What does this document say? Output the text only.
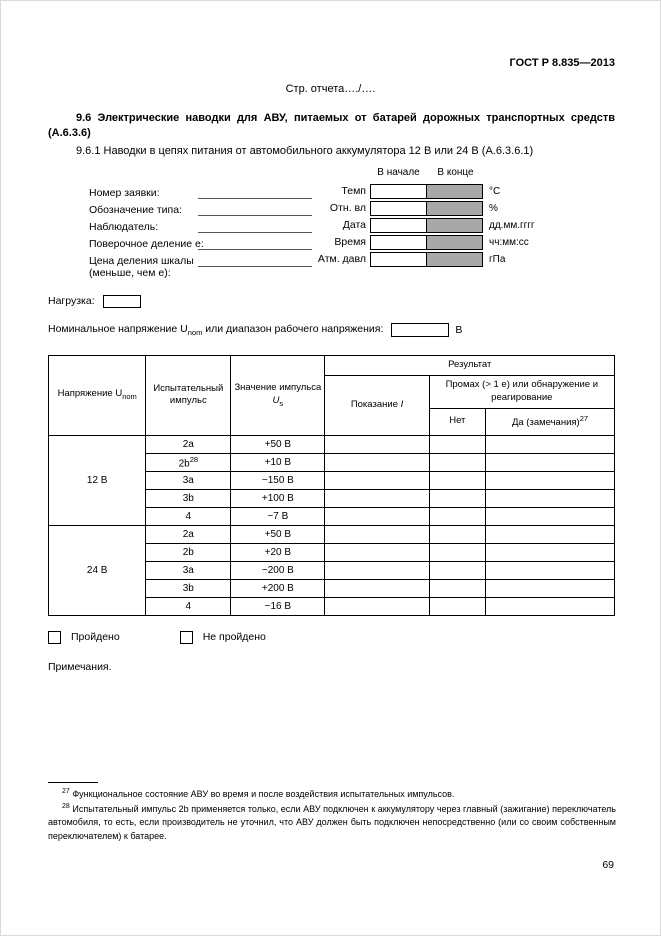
ГОСТ Р 8.835—2013
Стр. отчета…./….

9.6 Электрические наводки для АВУ, питаемых от батарей дорожных транспортных средств (А.6.3.6)

9.6.1 Наводки в цепях питания от автомобильного аккумулятора 12 В или 24 В (А.6.3.6.1)

Номер заявки:
Обозначение типа:
Наблюдатель:
Поверочное деление e:
Цена деления шкалы
(меньше, чем e):
В начале	В конце
Темп	°С
Отн. вл	%
Дата	дд.мм.гггг
Время	чч:мм:сс
Атм. давл	гПа
Нагрузка:
Номинальное напряжение $U_{nom}$ или диапазон рабочего напряжения:	В
Напряжение $U_{nom}$	Испытательный импульс	Значение импульса $U_s$	Результат		
			Показание I	Промах (> 1 e) или обнаружение и реагирование	
				Нет	Да (замечания)$^{27}$
12 В	2a	+50 В			
	$2b^{28}$	+10 В			
	3a	−150 В			
	3b	+100 В			
	4	−7 В			
24 В	2a	+50 В			
	2b	+20 В			
	3a	−200 В			
	3b	+200 В			
	4	−16 В			
Пройдено	Не пройдено
Примечания.

$^{27}$ Функциональное состояние АВУ во время и после воздействия испытательных импульсов.

$^{28}$ Испытательный импульс 2b применяется только, если АВУ подключен к аккумулятору через главный (зажигание) переключатель автомобиля, то есть, если производитель не уточнил, что АВУ должен быть подключен непосредственно (или со своим собственным переключателем) к батарее.

69
